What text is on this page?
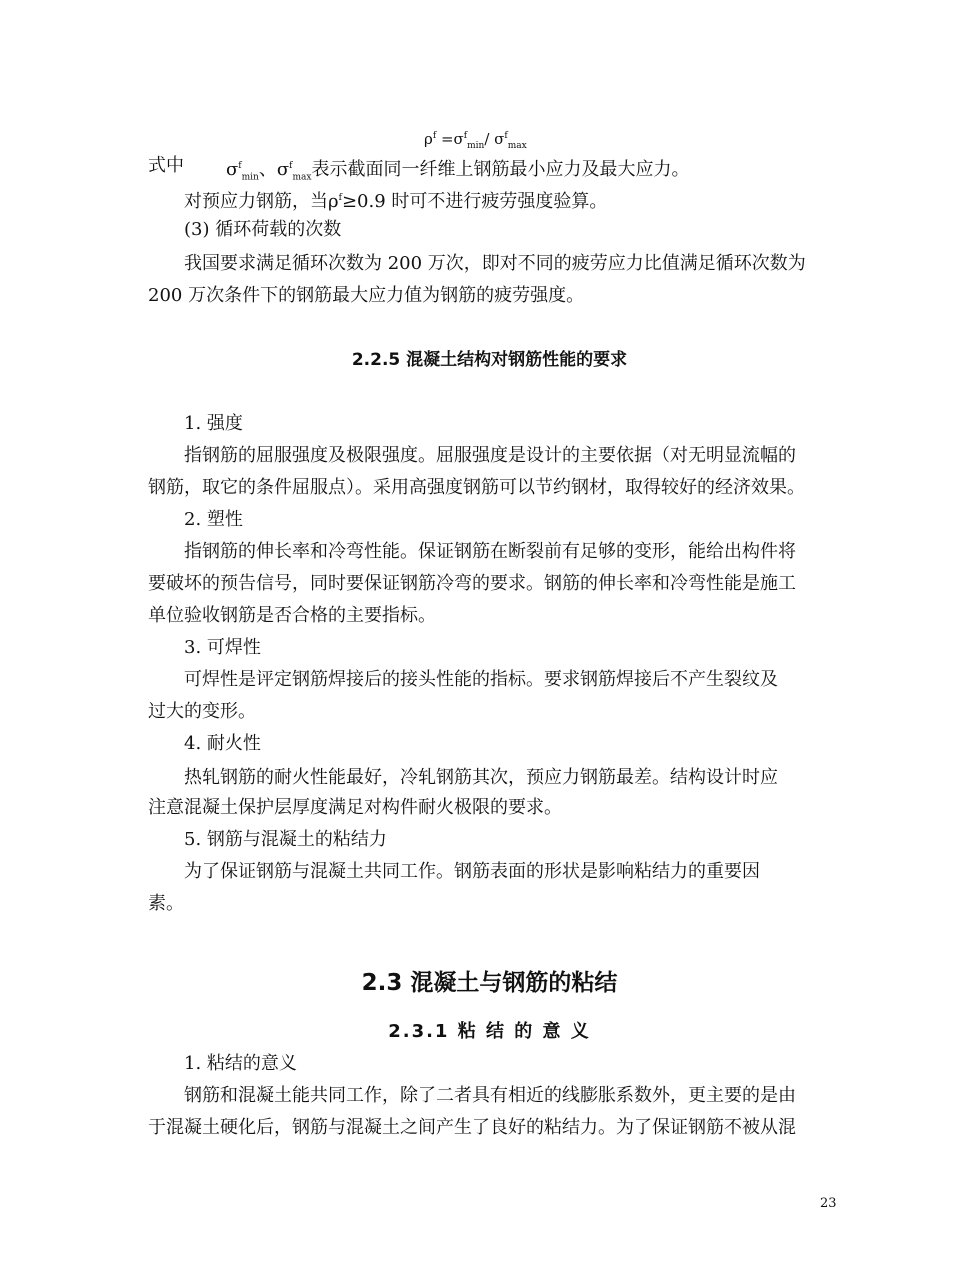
$\rho^f =\sigma^f_{min}/$ $\sigma^f_{max}$
式中 $\sigma^f_{min}$、$\sigma^f_{max}$表示截面同一纤维上钢筋最小应力及最大应力。
对预应力钢筋，当$\rho^f\ge 0.9$ 时可不进行疲劳强度验算。
(3) 循环荷载的次数
我国要求满足循环次数为 200 万次，即对不同的疲劳应力比值满足循环次数为
200 万次条件下的钢筋最大应力值为钢筋的疲劳强度。
2.2.5 混凝土结构对钢筋性能的要求
1. 强度
指钢筋的屈服强度及极限强度。屈服强度是设计的主要依据（对无明显流幅的
钢筋，取它的条件屈服点）。采用高强度钢筋可以节约钢材，取得较好的经济效果。
2. 塑性
指钢筋的伸长率和冷弯性能。保证钢筋在断裂前有足够的变形，能给出构件将
要破坏的预告信号，同时要保证钢筋冷弯的要求。钢筋的伸长率和冷弯性能是施工
单位验收钢筋是否合格的主要指标。
3. 可焊性
可焊性是评定钢筋焊接后的接头性能的指标。要求钢筋焊接后不产生裂纹及
过大的变形。
4. 耐火性
热轧钢筋的耐火性能最好，冷轧钢筋其次，预应力钢筋最差。结构设计时应
注意混凝土保护层厚度满足对构件耐火极限的要求。
5. 钢筋与混凝土的粘结力
为了保证钢筋与混凝土共同工作。钢筋表面的形状是影响粘结力的重要因
素。
2.3 混凝土与钢筋的粘结
2.3.1 粘 结 的 意 义
1. 粘结的意义
钢筋和混凝土能共同工作，除了二者具有相近的线膨胀系数外，更主要的是由
于混凝土硬化后，钢筋与混凝土之间产生了良好的粘结力。为了保证钢筋不被从混
23
